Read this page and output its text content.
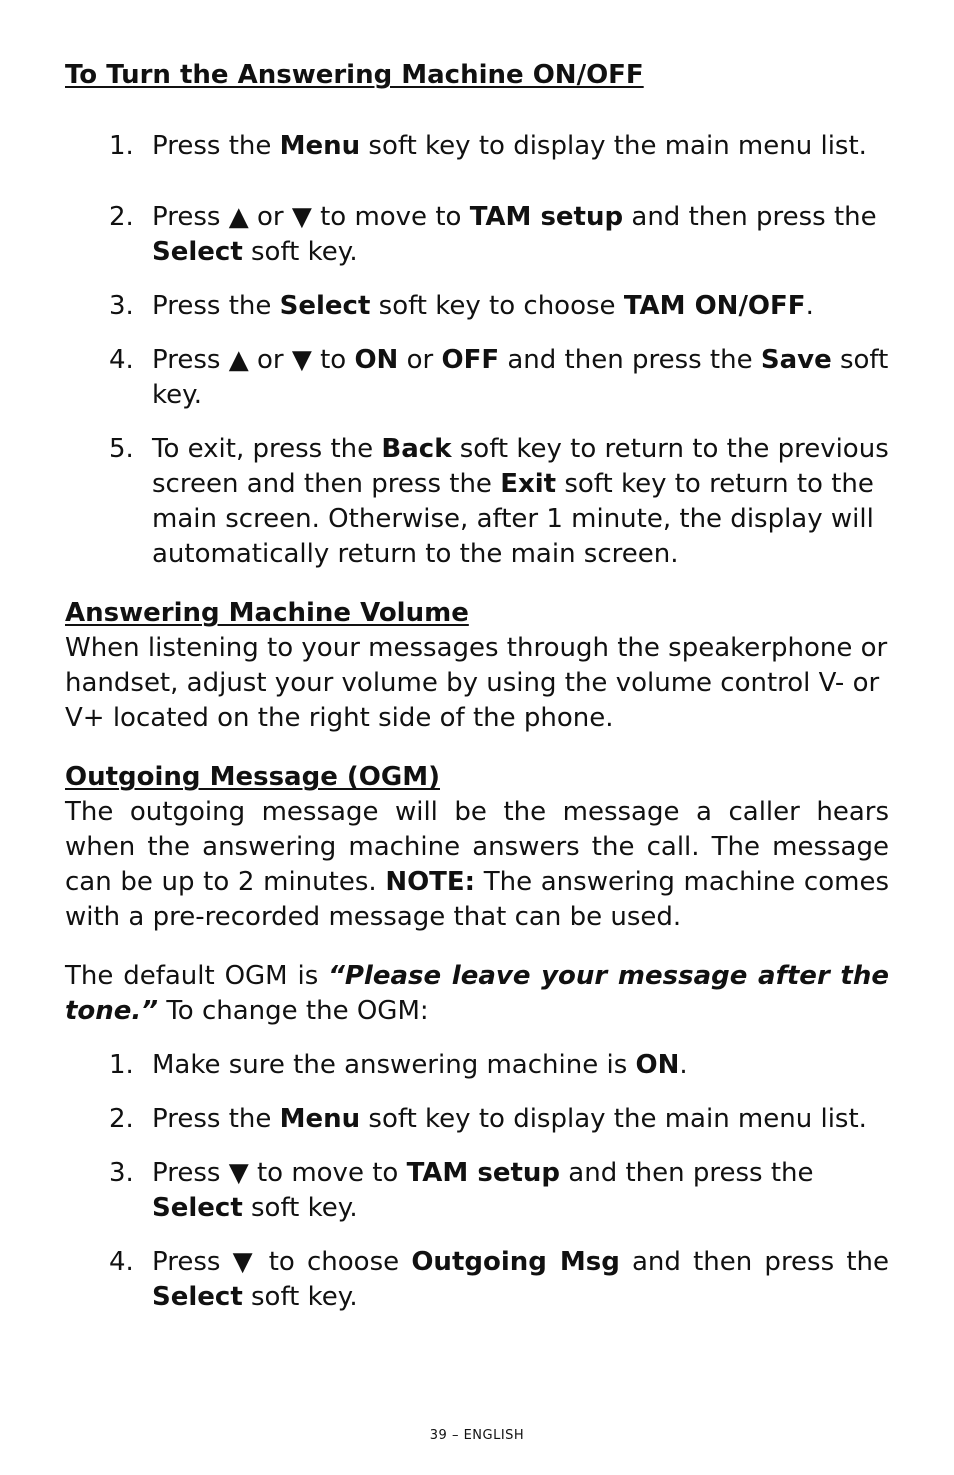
To Turn the Answering Machine ON/OFF
1. Press the Menu soft key to display the main menu list.
2. Press ▲ or ▼ to move to TAM setup and then press the Select soft key.
3. Press the Select soft key to choose TAM ON/OFF.
4. Press ▲ or ▼ to ON or OFF and then press the Save soft key.
5. To exit, press the Back soft key to return to the previous screen and then press the Exit soft key to return to the main screen. Otherwise, after 1 minute, the display will automatically return to the main screen.
Answering Machine Volume

When listening to your messages through the speakerphone or handset, adjust your volume by using the volume control V- or V+ located on the right side of the phone.

Outgoing Message (OGM)

The outgoing message will be the message a caller hears when the answering machine answers the call. The message can be up to 2 minutes. NOTE: The answering machine comes with a pre-recorded message that can be used.

The default OGM is “Please leave your message after the tone.” To change the OGM:

1. Make sure the answering machine is ON.
2. Press the Menu soft key to display the main menu list.
3. Press ▼ to move to TAM setup and then press the Select soft key.
4. Press ▼ to choose Outgoing Msg and then press the Select soft key.
39 – ENGLISH
